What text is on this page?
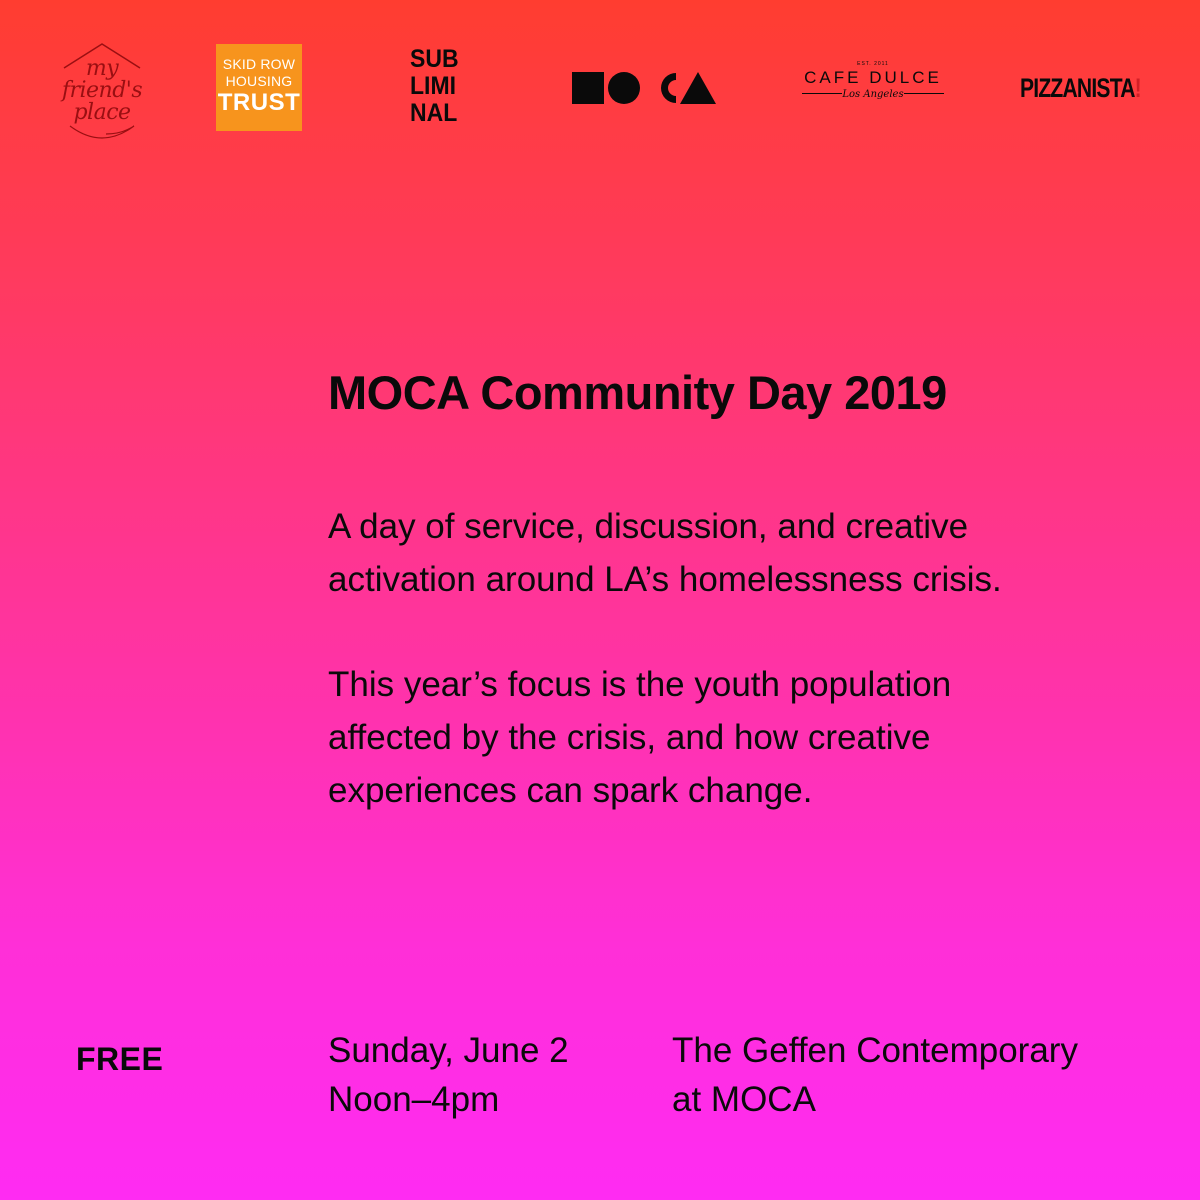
my
friend's
place
SKID ROW
HOUSING
TRUST
SUB
LIMI
NAL
EST. 2011
CAFE DULCE
Los Angeles	PIZZANISTA!
MOCA Community Day 2019

A day of service, discussion, and creative
activation around LA’s homelessness crisis.

This year’s focus is the youth population
affected by the crisis, and how creative
experiences can spark change.

FREE	Sunday, June 2
Noon–4pm
The Geffen Contemporary
at MOCA
